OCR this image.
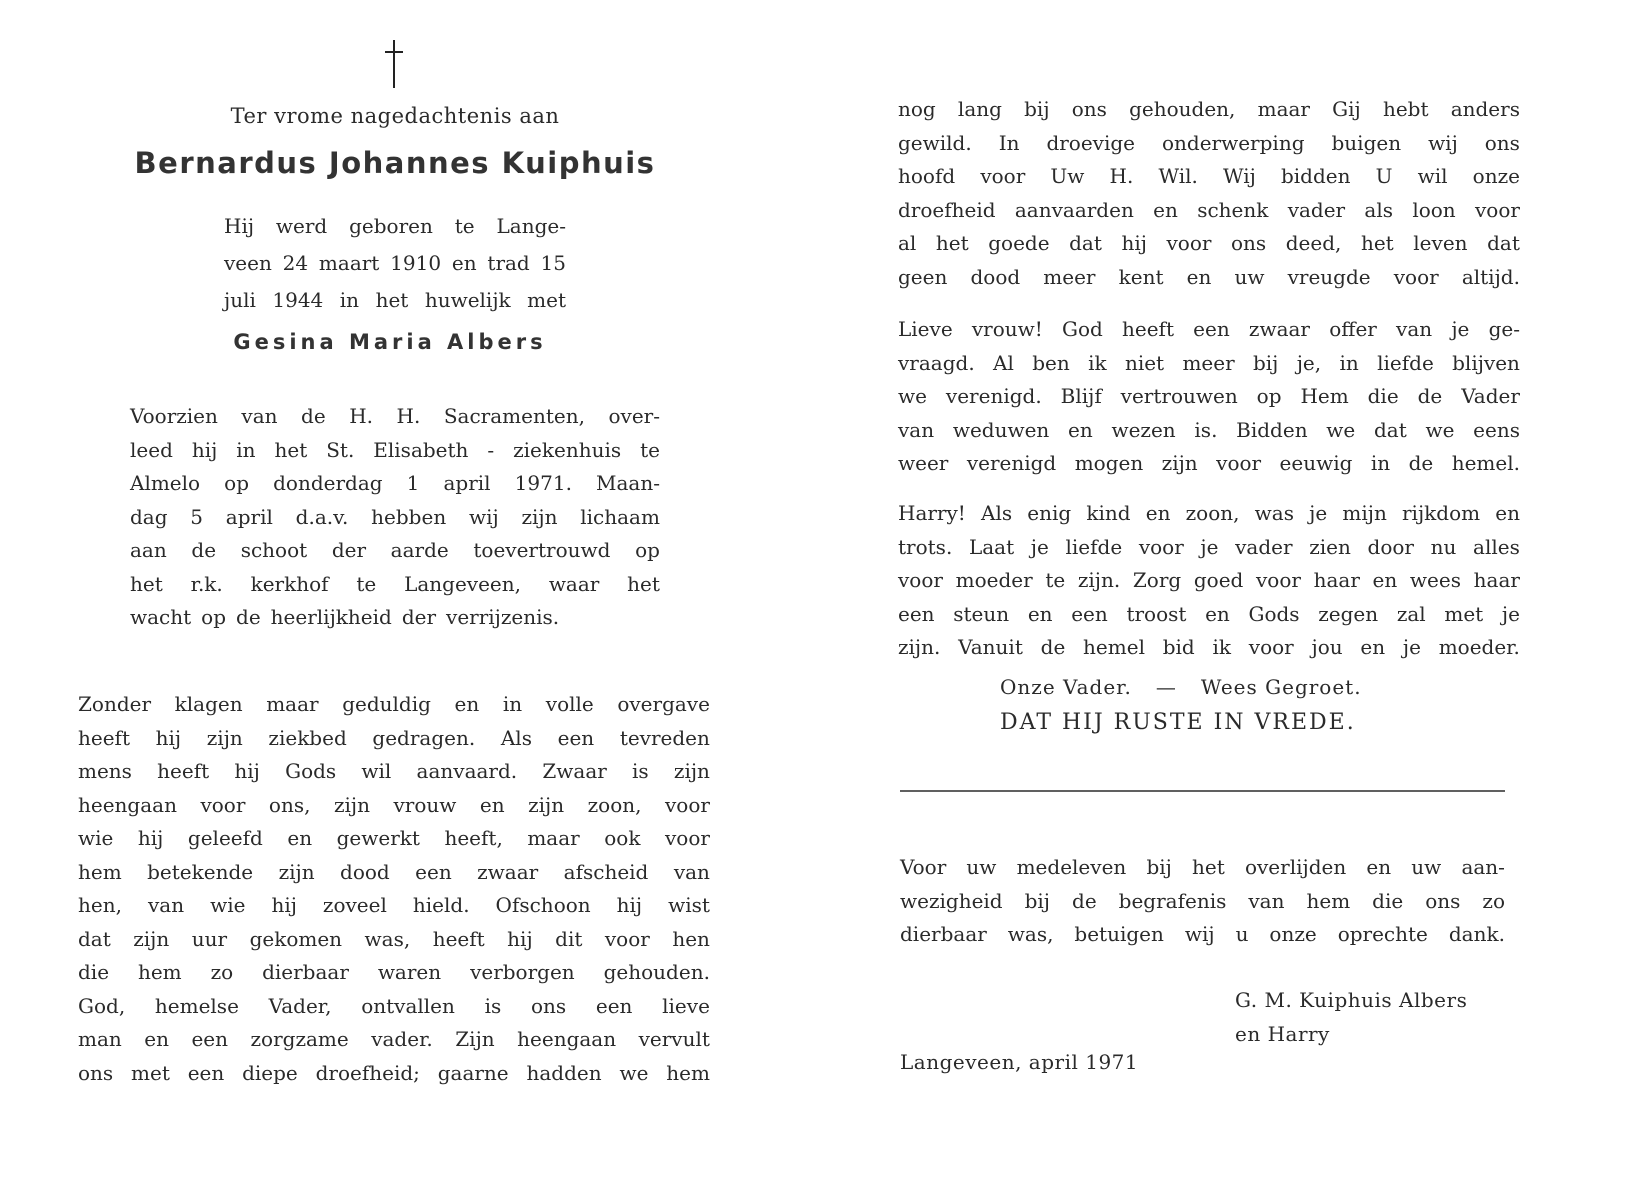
Ter vrome nagedachtenis aan
Bernardus Johannes Kuiphuis
Hij werd geboren te Lange-
veen 24 maart 1910 en trad 15
juli 1944 in het huwelijk met
Gesina Maria Albers
Voorzien van de H. H. Sacramenten, over-
leed hij in het St. Elisabeth - ziekenhuis te
Almelo op donderdag 1 april 1971. Maan-
dag 5 april d.a.v. hebben wij zijn lichaam
aan de schoot der aarde toevertrouwd op
het r.k. kerkhof te Langeveen, waar het
wacht op de heerlijkheid der verrijzenis.
Zonder klagen maar geduldig en in volle overgave
heeft hij zijn ziekbed gedragen. Als een tevreden
mens heeft hij Gods wil aanvaard. Zwaar is zijn
heengaan voor ons, zijn vrouw en zijn zoon, voor
wie hij geleefd en gewerkt heeft, maar ook voor
hem betekende zijn dood een zwaar afscheid van
hen, van wie hij zoveel hield. Ofschoon hij wist
dat zijn uur gekomen was, heeft hij dit voor hen
die hem zo dierbaar waren verborgen gehouden.
God, hemelse Vader, ontvallen is ons een lieve
man en een zorgzame vader. Zijn heengaan vervult
ons met een diepe droefheid; gaarne hadden we hem
nog lang bij ons gehouden, maar Gij hebt anders
gewild. In droevige onderwerping buigen wij ons
hoofd voor Uw H. Wil. Wij bidden U wil onze
droefheid aanvaarden en schenk vader als loon voor
al het goede dat hij voor ons deed, het leven dat
geen dood meer kent en uw vreugde voor altijd.
Lieve vrouw! God heeft een zwaar offer van je ge-
vraagd. Al ben ik niet meer bij je, in liefde blijven
we verenigd. Blijf vertrouwen op Hem die de Vader
van weduwen en wezen is. Bidden we dat we eens
weer verenigd mogen zijn voor eeuwig in de hemel.
Harry! Als enig kind en zoon, was je mijn rijkdom en
trots. Laat je liefde voor je vader zien door nu alles
voor moeder te zijn. Zorg goed voor haar en wees haar
een steun en een troost en Gods zegen zal met je
zijn. Vanuit de hemel bid ik voor jou en je moeder.
Onze Vader. — Wees Gegroet.
DAT HIJ RUSTE IN VREDE.
Voor uw medeleven bij het overlijden en uw aan-
wezigheid bij de begrafenis van hem die ons zo
dierbaar was, betuigen wij u onze oprechte dank.
G. M. Kuiphuis Albers
en Harry
Langeveen, april 1971
